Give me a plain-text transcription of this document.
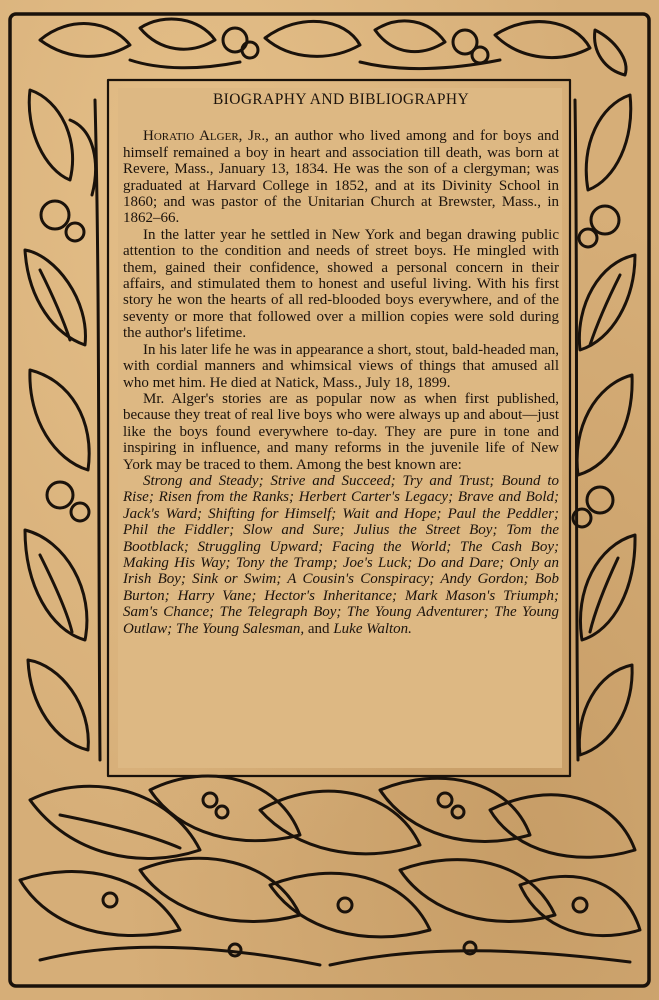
BIOGRAPHY AND BIBLIOGRAPHY

Horatio Alger, Jr., an author who lived among and for boys and himself remained a boy in heart and association till death, was born at Revere, Mass., January 13, 1834. He was the son of a clergyman; was graduated at Harvard College in 1852, and at its Divinity School in 1860; and was pastor of the Unitarian Church at Brewster, Mass., in 1862–66.

In the latter year he settled in New York and began drawing public attention to the condition and needs of street boys. He mingled with them, gained their confidence, showed a personal concern in their affairs, and stimulated them to honest and useful living. With his first story he won the hearts of all red-blooded boys everywhere, and of the seventy or more that followed over a million copies were sold during the author's lifetime.

In his later life he was in appearance a short, stout, bald-headed man, with cordial manners and whimsical views of things that amused all who met him. He died at Natick, Mass., July 18, 1899.

Mr. Alger's stories are as popular now as when first published, because they treat of real live boys who were always up and about—just like the boys found everywhere to-day. They are pure in tone and inspiring in influence, and many reforms in the juvenile life of New York may be traced to them. Among the best known are:

Strong and Steady; Strive and Succeed; Try and Trust; Bound to Rise; Risen from the Ranks; Herbert Carter's Legacy; Brave and Bold; Jack's Ward; Shifting for Himself; Wait and Hope; Paul the Peddler; Phil the Fiddler; Slow and Sure; Julius the Street Boy; Tom the Bootblack; Struggling Upward; Facing the World; The Cash Boy; Making His Way; Tony the Tramp; Joe's Luck; Do and Dare; Only an Irish Boy; Sink or Swim; A Cousin's Conspiracy; Andy Gordon; Bob Burton; Harry Vane; Hector's Inheritance; Mark Mason's Triumph; Sam's Chance; The Telegraph Boy; The Young Adventurer; The Young Outlaw; The Young Salesman, and Luke Walton.
